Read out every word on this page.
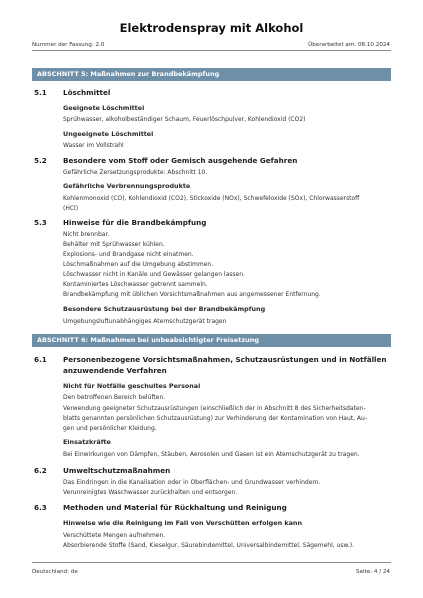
Elektrodenspray mit Alkohol
Nummer der Fassung: 2.0	Überarbeitet am: 08.10.2024
ABSCHNITT 5: Maßnahmen zur Brandbekämpfung
5.1 Löschmittel
Geeignete Löschmittel
Sprühwasser, alkoholbeständiger Schaum, Feuerlöschpulver, Kohlendioxid (CO2)
Ungeeignete Löschmittel
Wasser im Vollstrahl
5.2 Besondere vom Stoff oder Gemisch ausgehende Gefahren
Gefährliche Zersetzungsprodukte: Abschnitt 10.
Gefährliche Verbrennungsprodukte
Kohlenmonoxid (CO), Kohlendioxid (CO2), Stickoxide (NOx), Schwefeloxide (SOx), Chlorwasserstoff
(HCl)
5.3 Hinweise für die Brandbekämpfung
Nicht brennbar.
Behälter mit Sprühwasser kühlen.
Explosions- und Brandgase nicht einatmen.
Löschmaßnahmen auf die Umgebung abstimmen.
Löschwasser nicht in Kanäle und Gewässer gelangen lassen.
Kontaminiertes Löschwasser getrennt sammeln.
Brandbekämpfung mit üblichen Vorsichtsmaßnahmen aus angemessener Entfernung.
Besondere Schutzausrüstung bei der Brandbekämpfung
Umgebungsluftunabhängiges Atemschutzgerät tragen
ABSCHNITT 6: Maßnahmen bei unbeabsichtigter Freisetzung
6.1 Personenbezogene Vorsichtsmaßnahmen, Schutzausrüstungen und in Notfällen
anzuwendende Verfahren
Nicht für Notfälle geschultes Personal
Den betroffenen Bereich belüften.
Verwendung geeigneter Schutzausrüstungen (einschließlich der in Abschnitt 8 des Sicherheitsdaten-
blatts genannten persönlichen Schutzausrüstung) zur Verhinderung der Kontamination von Haut, Au-
gen und persönlicher Kleidung.
Einsatzkräfte
Bei Einwirkungen von Dämpfen, Stäuben, Aerosolen und Gasen ist ein Atemschutzgerät zu tragen.
6.2 Umweltschutzmaßnahmen
Das Eindringen in die Kanalisation oder in Oberflächen- und Grundwasser verhindern.
Verunreinigtes Waschwasser zurückhalten und entsorgen.
6.3 Methoden und Material für Rückhaltung und Reinigung
Hinweise wie die Reinigung im Fall von Verschütten erfolgen kann
Verschüttete Mengen aufnehmen.
Absorbierende Stoffe (Sand, Kieselgur, Säurebindemittel, Universalbindemittel, Sägemehl, usw.).
Deutschland: de	Seite: 4 / 24
